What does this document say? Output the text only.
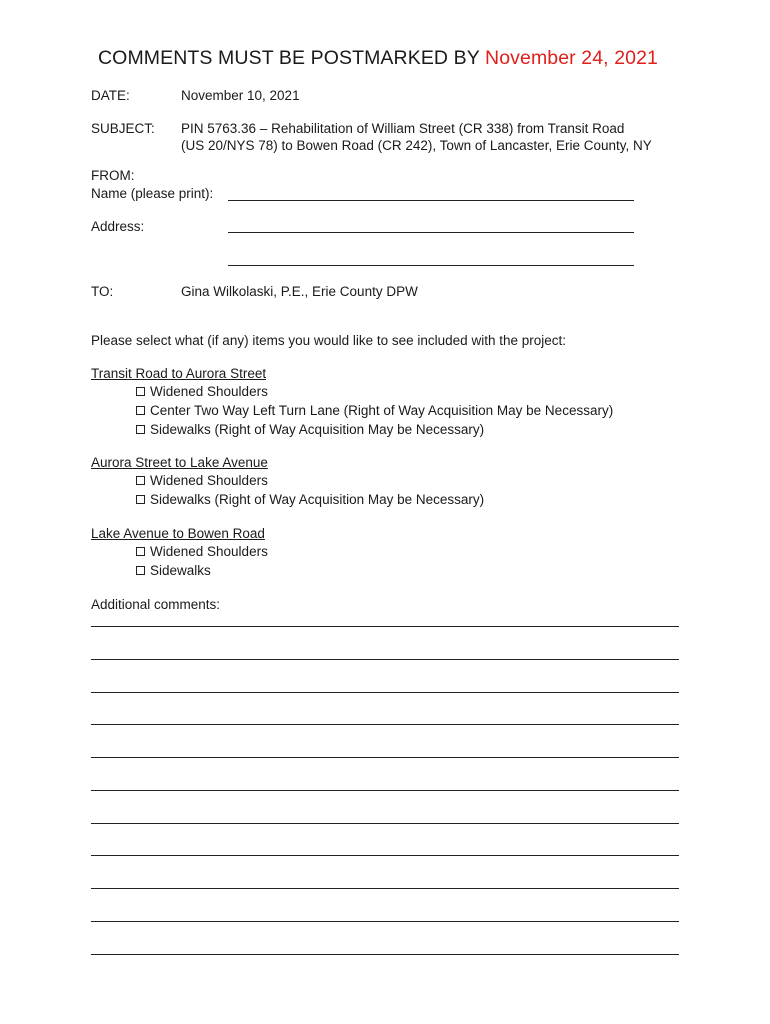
COMMENTS MUST BE POSTMARKED BY November 24, 2021
DATE:	November 10, 2021
SUBJECT: PIN 5763.36 – Rehabilitation of William Street (CR 338) from Transit Road
(US 20/NYS 78) to Bowen Road (CR 242), Town of Lancaster, Erie County, NY
FROM:
Name (please print):
Address:
TO:	Gina Wilkolaski, P.E., Erie County DPW
Please select what (if any) items you would like to see included with the project:
Transit Road to Aurora Street
Widened Shoulders
Center Two Way Left Turn Lane (Right of Way Acquisition May be Necessary)
Sidewalks (Right of Way Acquisition May be Necessary)
Aurora Street to Lake Avenue
Widened Shoulders
Sidewalks (Right of Way Acquisition May be Necessary)
Lake Avenue to Bowen Road
Widened Shoulders
Sidewalks
Additional comments:
